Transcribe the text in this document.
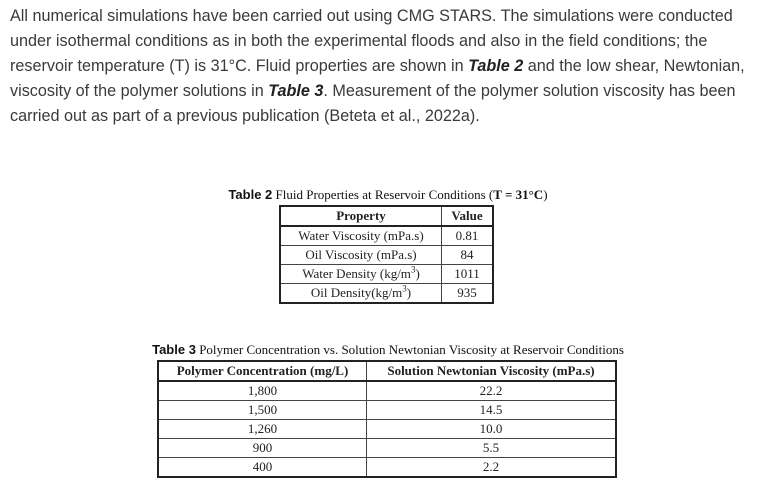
All numerical simulations have been carried out using CMG STARS. The simulations were conducted
under isothermal conditions as in both the experimental floods and also in the field conditions; the
reservoir temperature (T) is 31°C. Fluid properties are shown in Table 2 and the low shear, Newtonian,
viscosity of the polymer solutions in Table 3. Measurement of the polymer solution viscosity has been
carried out as part of a previous publication (Beteta et al., 2022a).

Table 2 Fluid Properties at Reservoir Conditions (T = 31°C)
Property	Value
Water Viscosity (mPa.s)	0.81
Oil Viscosity (mPa.s)	84
Water Density $(kg/m^3)$	1011
Oil $Density(kg/m^3)$	935
Table 3 Polymer Concentration vs. Solution Newtonian Viscosity at Reservoir Conditions
Polymer Concentration (mg/L)	Solution Newtonian Viscosity (mPa.s)
1,800	22.2
1,500	14.5
1,260	10.0
900	5.5
400	2.2
